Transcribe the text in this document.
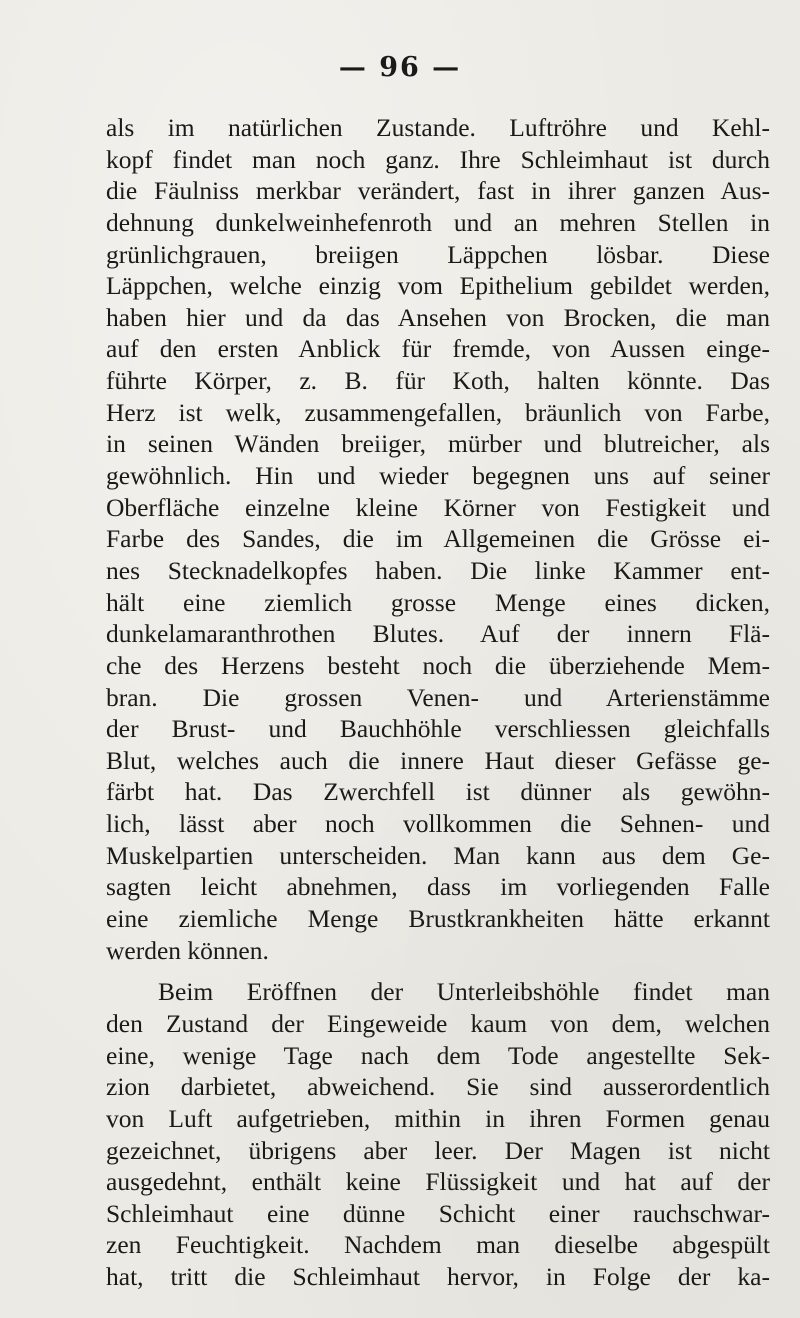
— 96 —
als im natürlichen Zustande. Luftröhre und Kehl-
kopf findet man noch ganz. Ihre Schleimhaut ist durch
die Fäulniss merkbar verändert, fast in ihrer ganzen Aus-
dehnung dunkelweinhefenroth und an mehren Stellen in
grünlichgrauen, breiigen Läppchen lösbar. Diese
Läppchen, welche einzig vom Epithelium gebildet werden,
haben hier und da das Ansehen von Brocken, die man
auf den ersten Anblick für fremde, von Aussen einge-
führte Körper, z. B. für Koth, halten könnte. Das
Herz ist welk, zusammengefallen, bräunlich von Farbe,
in seinen Wänden breiiger, mürber und blutreicher, als
gewöhnlich. Hin und wieder begegnen uns auf seiner
Oberfläche einzelne kleine Körner von Festigkeit und
Farbe des Sandes, die im Allgemeinen die Grösse ei-
nes Stecknadelkopfes haben. Die linke Kammer ent-
hält eine ziemlich grosse Menge eines dicken,
dunkelamaranthrothen Blutes. Auf der innern Flä-
che des Herzens besteht noch die überziehende Mem-
bran. Die grossen Venen- und Arterienstämme
der Brust- und Bauchhöhle verschliessen gleichfalls
Blut, welches auch die innere Haut dieser Gefässe ge-
färbt hat. Das Zwerchfell ist dünner als gewöhn-
lich, lässt aber noch vollkommen die Sehnen- und
Muskelpartien unterscheiden. Man kann aus dem Ge-
sagten leicht abnehmen, dass im vorliegenden Falle
eine ziemliche Menge Brustkrankheiten hätte erkannt
werden können.
Beim Eröffnen der Unterleibshöhle findet man
den Zustand der Eingeweide kaum von dem, welchen
eine, wenige Tage nach dem Tode angestellte Sek-
zion darbietet, abweichend. Sie sind ausserordentlich
von Luft aufgetrieben, mithin in ihren Formen genau
gezeichnet, übrigens aber leer. Der Magen ist nicht
ausgedehnt, enthält keine Flüssigkeit und hat auf der
Schleimhaut eine dünne Schicht einer rauchschwar-
zen Feuchtigkeit. Nachdem man dieselbe abgespült
hat, tritt die Schleimhaut hervor, in Folge der ka-
